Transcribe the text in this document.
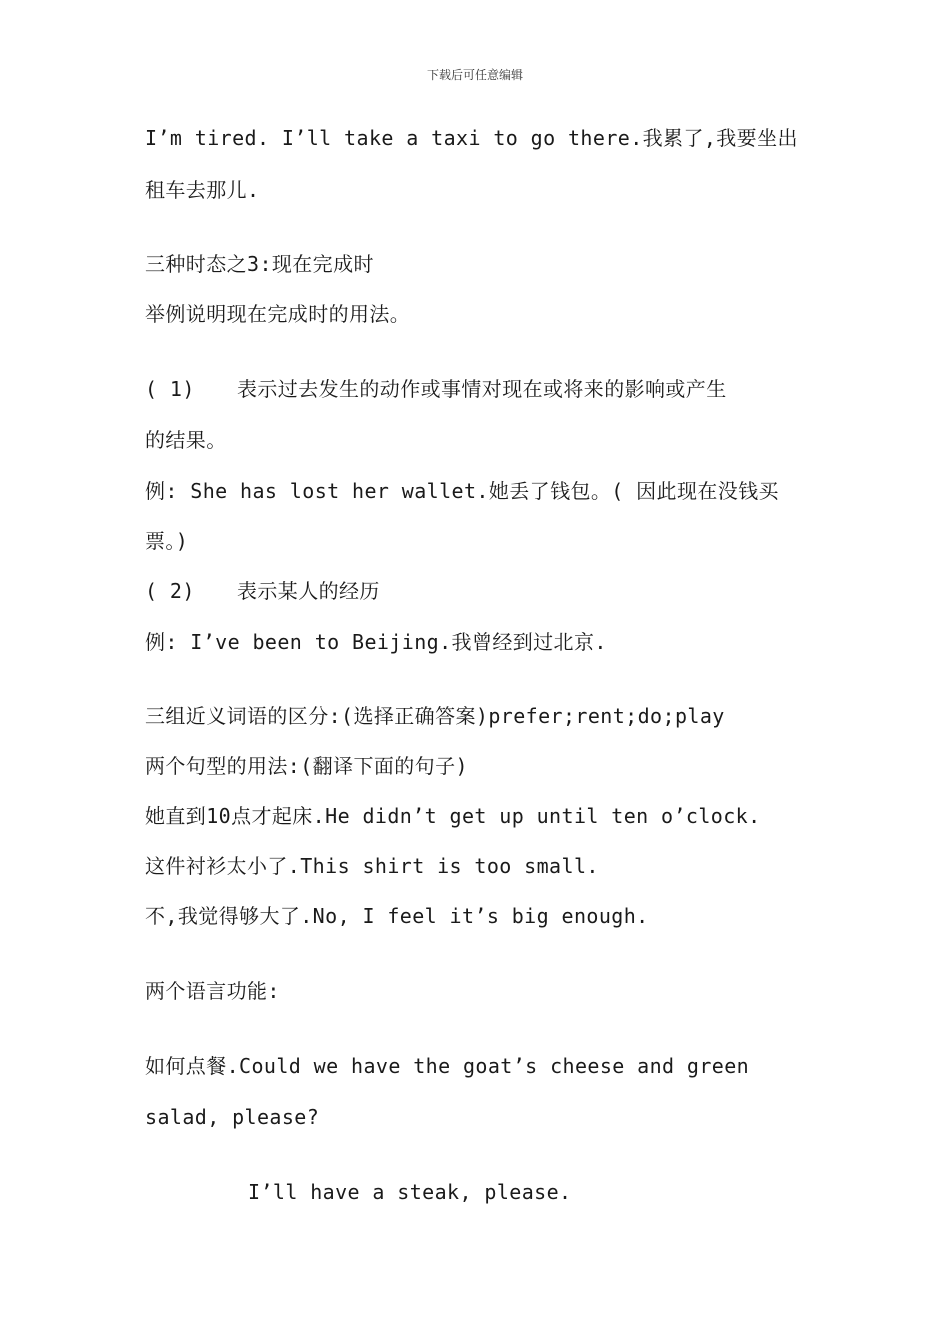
下载后可任意编辑
I’m tired. I’ll take a taxi to go there.我累了,我要坐出
租车去那儿.
三种时态之3:现在完成时
举例说明现在完成时的用法。
( 1) 表示过去发生的动作或事情对现在或将来的影响或产生
的结果。
例: She has lost her wallet.她丢了钱包。( 因此现在没钱买
票。)
( 2) 表示某人的经历
例: I’ve been to Beijing.我曾经到过北京.
三组近义词语的区分:(选择正确答案)prefer;rent;do;play
两个句型的用法:(翻译下面的句子)
她直到10点才起床.He didn’t get up until ten o’clock.
这件衬衫太小了.This shirt is too small.
不,我觉得够大了.No, I feel it’s big enough.
两个语言功能:
如何点餐.Could we have the goat’s cheese and green
salad, please?
I’ll have a steak, please.
